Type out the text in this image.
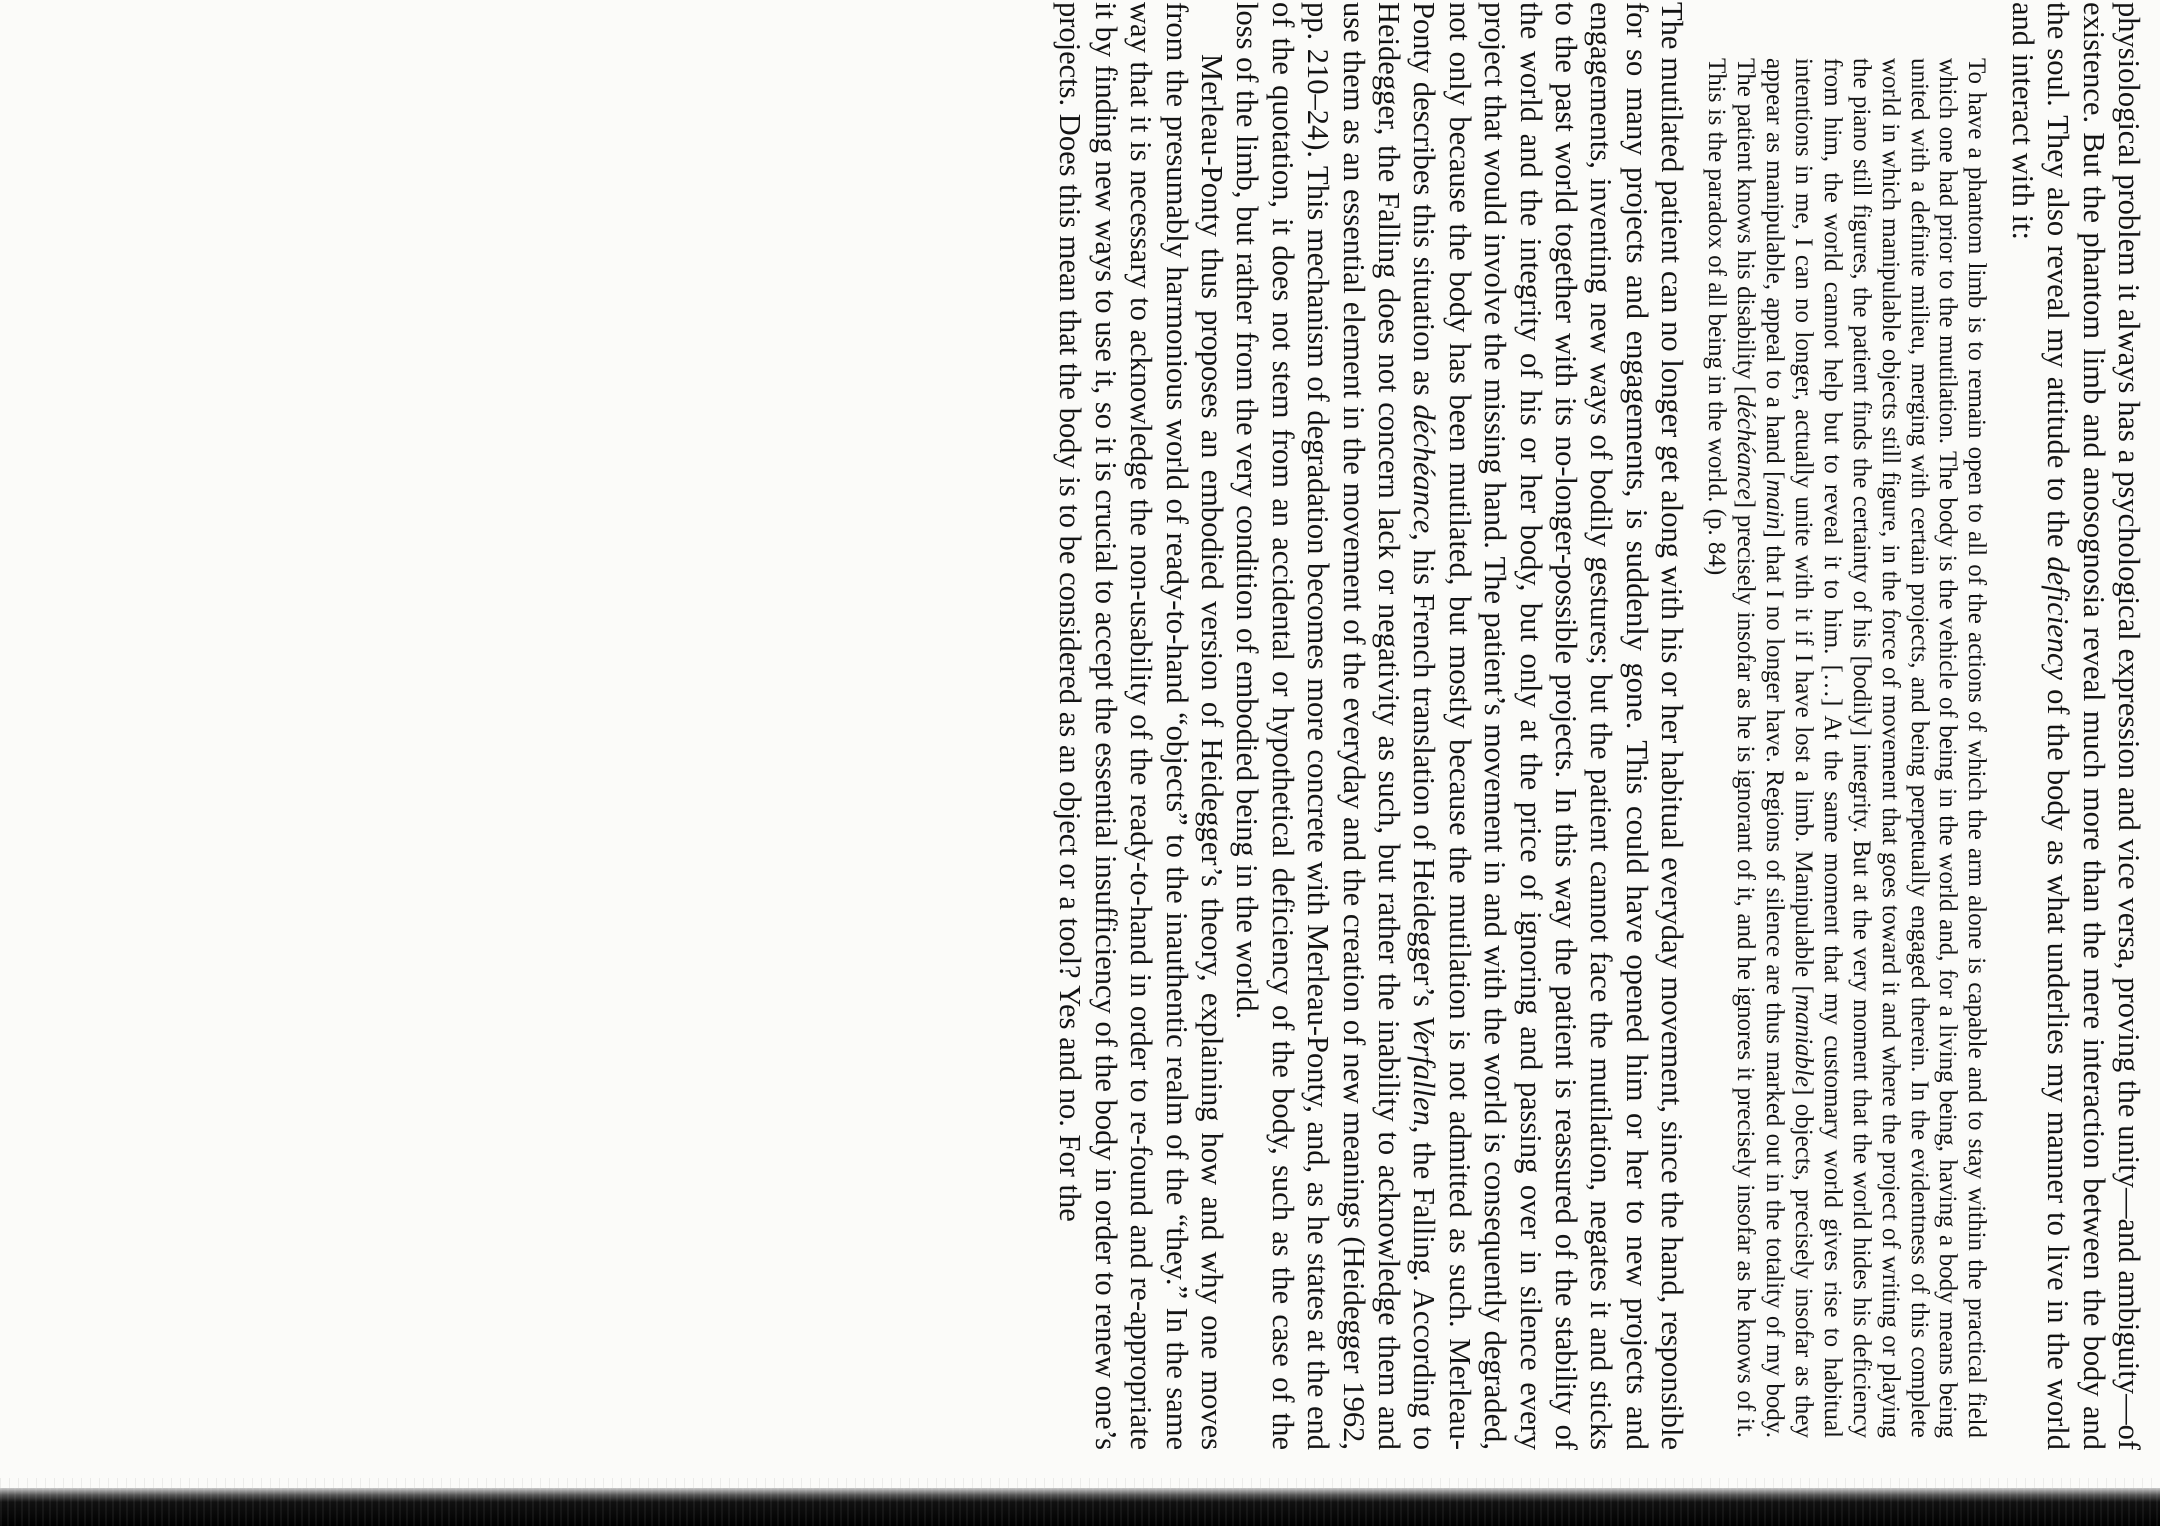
physiological problem it always has a psychological expression and vice versa, proving the unity—and ambiguity—of existence. But the phantom limb and anosognosia reveal much more than the mere interaction between the body and the soul. They also reveal my attitude to the deficiency of the body as what underlies my manner to live in the world and interact with it:

To have a phantom limb is to remain open to all of the actions of which the arm alone is capable and to stay within the practical field which one had prior to the mutilation. The body is the vehicle of being in the world and, for a living being, having a body means being united with a definite milieu, merging with certain projects, and being perpetually engaged therein. In the evidentness of this complete world in which manipulable objects still figure, in the force of movement that goes toward it and where the project of writing or playing the piano still figures, the patient finds the certainty of his [bodily] integrity. But at the very moment that the world hides his deficiency from him, the world cannot help but to reveal it to him. […] At the same moment that my customary world gives rise to habitual intentions in me, I can no longer, actually unite with it if I have lost a limb. Manipulable [maniable] objects, precisely insofar as they appear as manipulable, appeal to a hand [main] that I no longer have. Regions of silence are thus marked out in the totality of my body. The patient knows his disability [déchéance] precisely insofar as he is ignorant of it, and he ignores it precisely insofar as he knows of it. This is the paradox of all being in the world. (p. 84)

The mutilated patient can no longer get along with his or her habitual everyday movement, since the hand, responsible for so many projects and engagements, is suddenly gone. This could have opened him or her to new projects and engagements, inventing new ways of bodily gestures; but the patient cannot face the mutilation, negates it and sticks to the past world together with its no-longer-possible projects. In this way the patient is reassured of the stability of the world and the integrity of his or her body, but only at the price of ignoring and passing over in silence every project that would involve the missing hand. The patient’s movement in and with the world is consequently degraded, not only because the body has been mutilated, but mostly because the mutilation is not admitted as such. Merleau-Ponty describes this situation as déchéance, his French translation of Heidegger’s Verfallen, the Falling. According to Heidegger, the Falling does not concern lack or negativity as such, but rather the inability to acknowledge them and use them as an essential element in the movement of the everyday and the creation of new meanings (Heidegger 1962, pp. 210–24). This mechanism of degradation becomes more concrete with Merleau-Ponty, and, as he states at the end of the quotation, it does not stem from an accidental or hypothetical deficiency of the body, such as the case of the loss of the limb, but rather from the very condition of embodied being in the world.

Merleau-Ponty thus proposes an embodied version of Heidegger’s theory, explaining how and why one moves from the presumably harmonious world of ready-to-hand “objects” to the inauthentic realm of the “they.” In the same way that it is necessary to acknowledge the non-usability of the ready-to-hand in order to re-found and re-appropriate it by finding new ways to use it, so it is crucial to accept the essential insufficiency of the body in order to renew one’s projects. Does this mean that the body is to be considered as an object or a tool? Yes and no. For the
